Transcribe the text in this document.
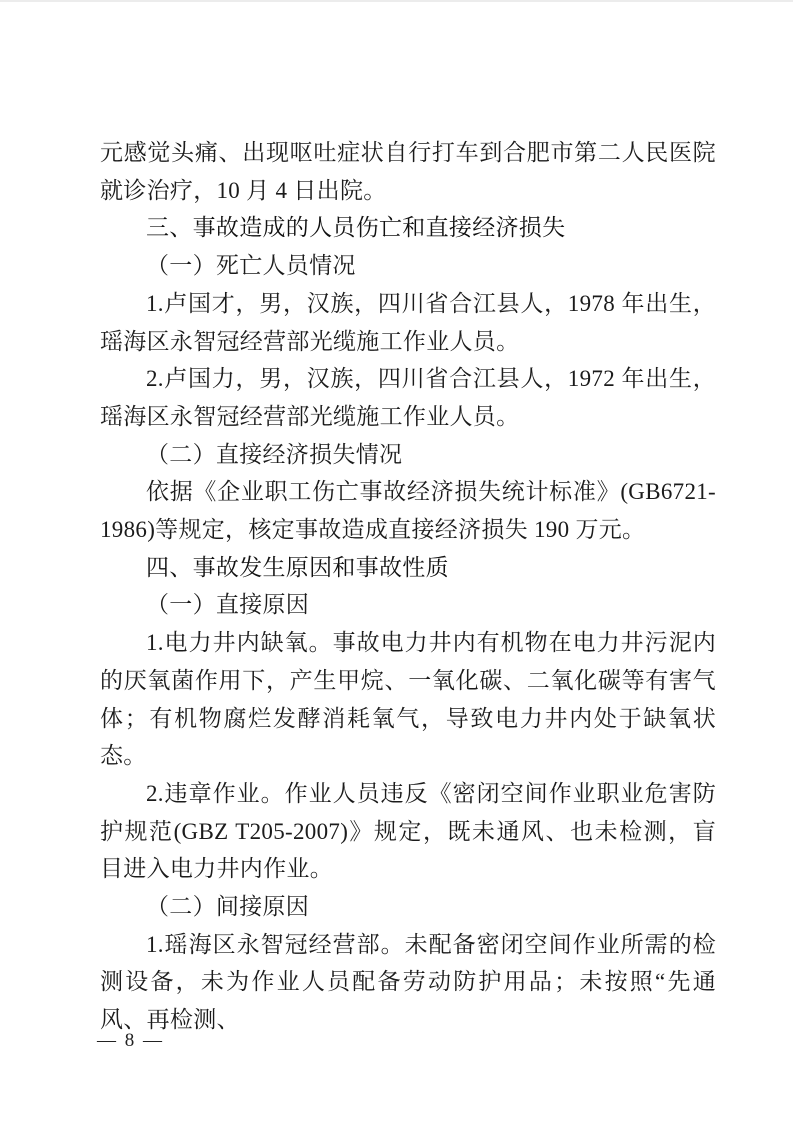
元感觉头痛、出现呕吐症状自行打车到合肥市第二人民医院就诊治疗，10 月 4 日出院。

三、事故造成的人员伤亡和直接经济损失

（一）死亡人员情况

1.卢国才，男，汉族，四川省合江县人，1978 年出生，瑶海区永智冠经营部光缆施工作业人员。

2.卢国力，男，汉族，四川省合江县人，1972 年出生，瑶海区永智冠经营部光缆施工作业人员。

（二）直接经济损失情况

依据《企业职工伤亡事故经济损失统计标准》(GB6721-1986)等规定，核定事故造成直接经济损失 190 万元。

四、事故发生原因和事故性质

（一）直接原因

1.电力井内缺氧。事故电力井内有机物在电力井污泥内的厌氧菌作用下，产生甲烷、一氧化碳、二氧化碳等有害气体；有机物腐烂发酵消耗氧气，导致电力井内处于缺氧状态。

2.违章作业。作业人员违反《密闭空间作业职业危害防护规范(GBZ T205-2007)》规定，既未通风、也未检测，盲目进入电力井内作业。

（二）间接原因

1.瑶海区永智冠经营部。未配备密闭空间作业所需的检测设备，未为作业人员配备劳动防护用品；未按照“先通风、再检测、

— 8 —
